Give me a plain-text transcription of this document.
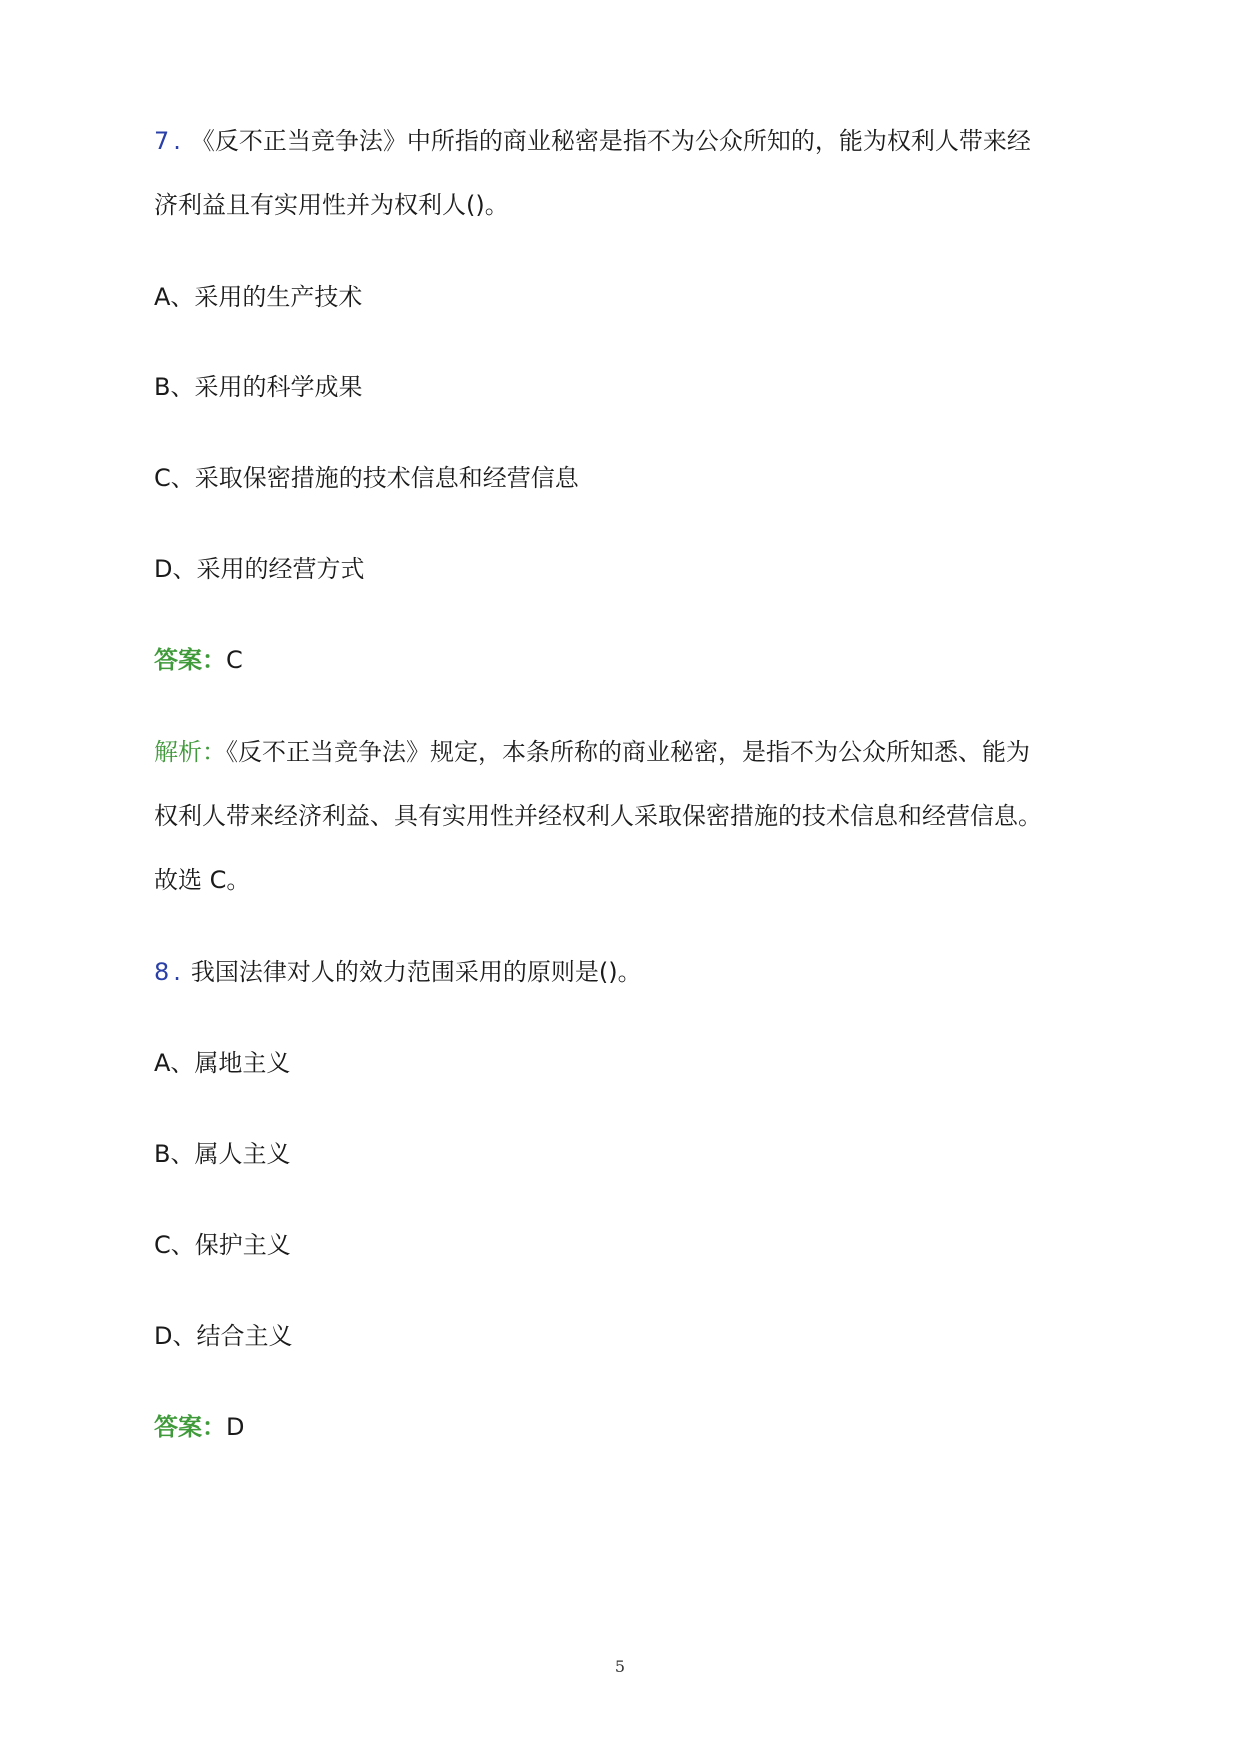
7 . 《反不正当竞争法》中所指的商业秘密是指不为公众所知的，能为权利人带来经
济利益且有实用性并为权利人()。
A、采用的生产技术
B、采用的科学成果
C、采取保密措施的技术信息和经营信息
D、采用的经营方式
答案：C
解析：《反不正当竞争法》规定，本条所称的商业秘密，是指不为公众所知悉、能为
权利人带来经济利益、具有实用性并经权利人采取保密措施的技术信息和经营信息。
故选 C。
8 . 我国法律对人的效力范围采用的原则是()。
A、属地主义
B、属人主义
C、保护主义
D、结合主义
答案：D
5
